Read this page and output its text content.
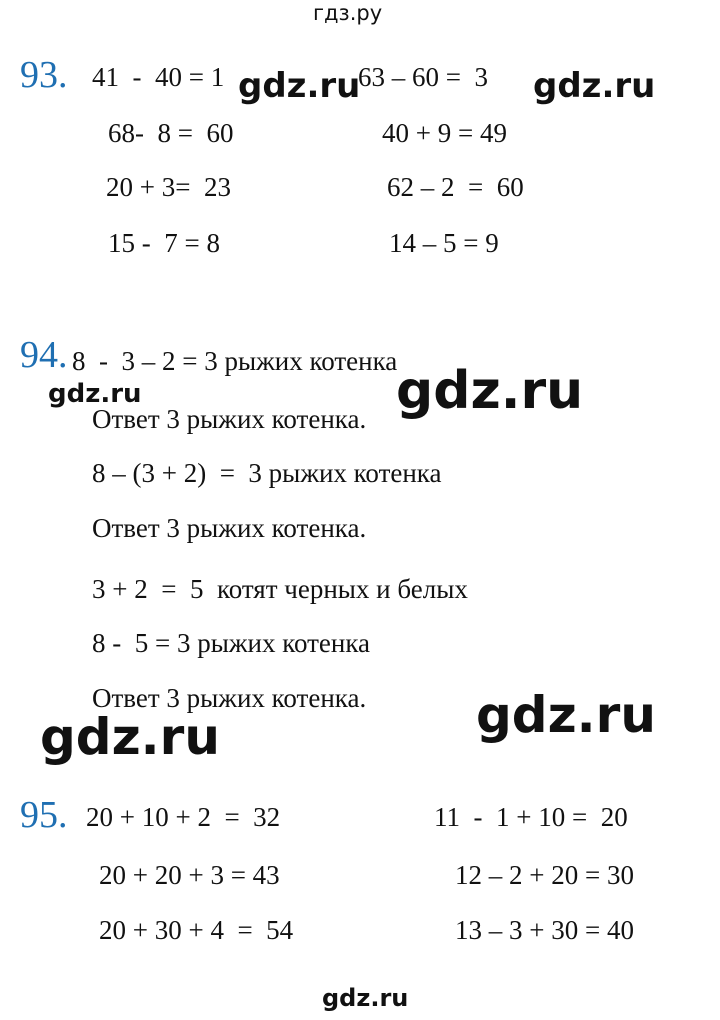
гдз.ру
93. 41  -  40 = 1	63 – 60 =  3
68-  8 =  60	40 + 9 = 49
20 + 3=  23	62 – 2  =  60
15 -  7 = 8	14 – 5 = 9
94. 8  -  3 – 2 = 3 рыжих котенка
Ответ 3 рыжих котенка.
8 – (3 + 2)  =  3 рыжих котенка
Ответ 3 рыжих котенка.
3 + 2  =  5  котят черных и белых
8 -  5 = 3 рыжих котенка
Ответ 3 рыжих котенка.
95. 20 + 10 + 2  =  32	11  -  1 + 10 =  20
20 + 20 + 3 = 43	12 – 2 + 20 = 30
20 + 30 + 4  =  54	13 – 3 + 30 = 40
gdz.ru	gdz.ru
gdz.ru	gdz.ru
gdz.ru
gdz.ru
gdz.ru
